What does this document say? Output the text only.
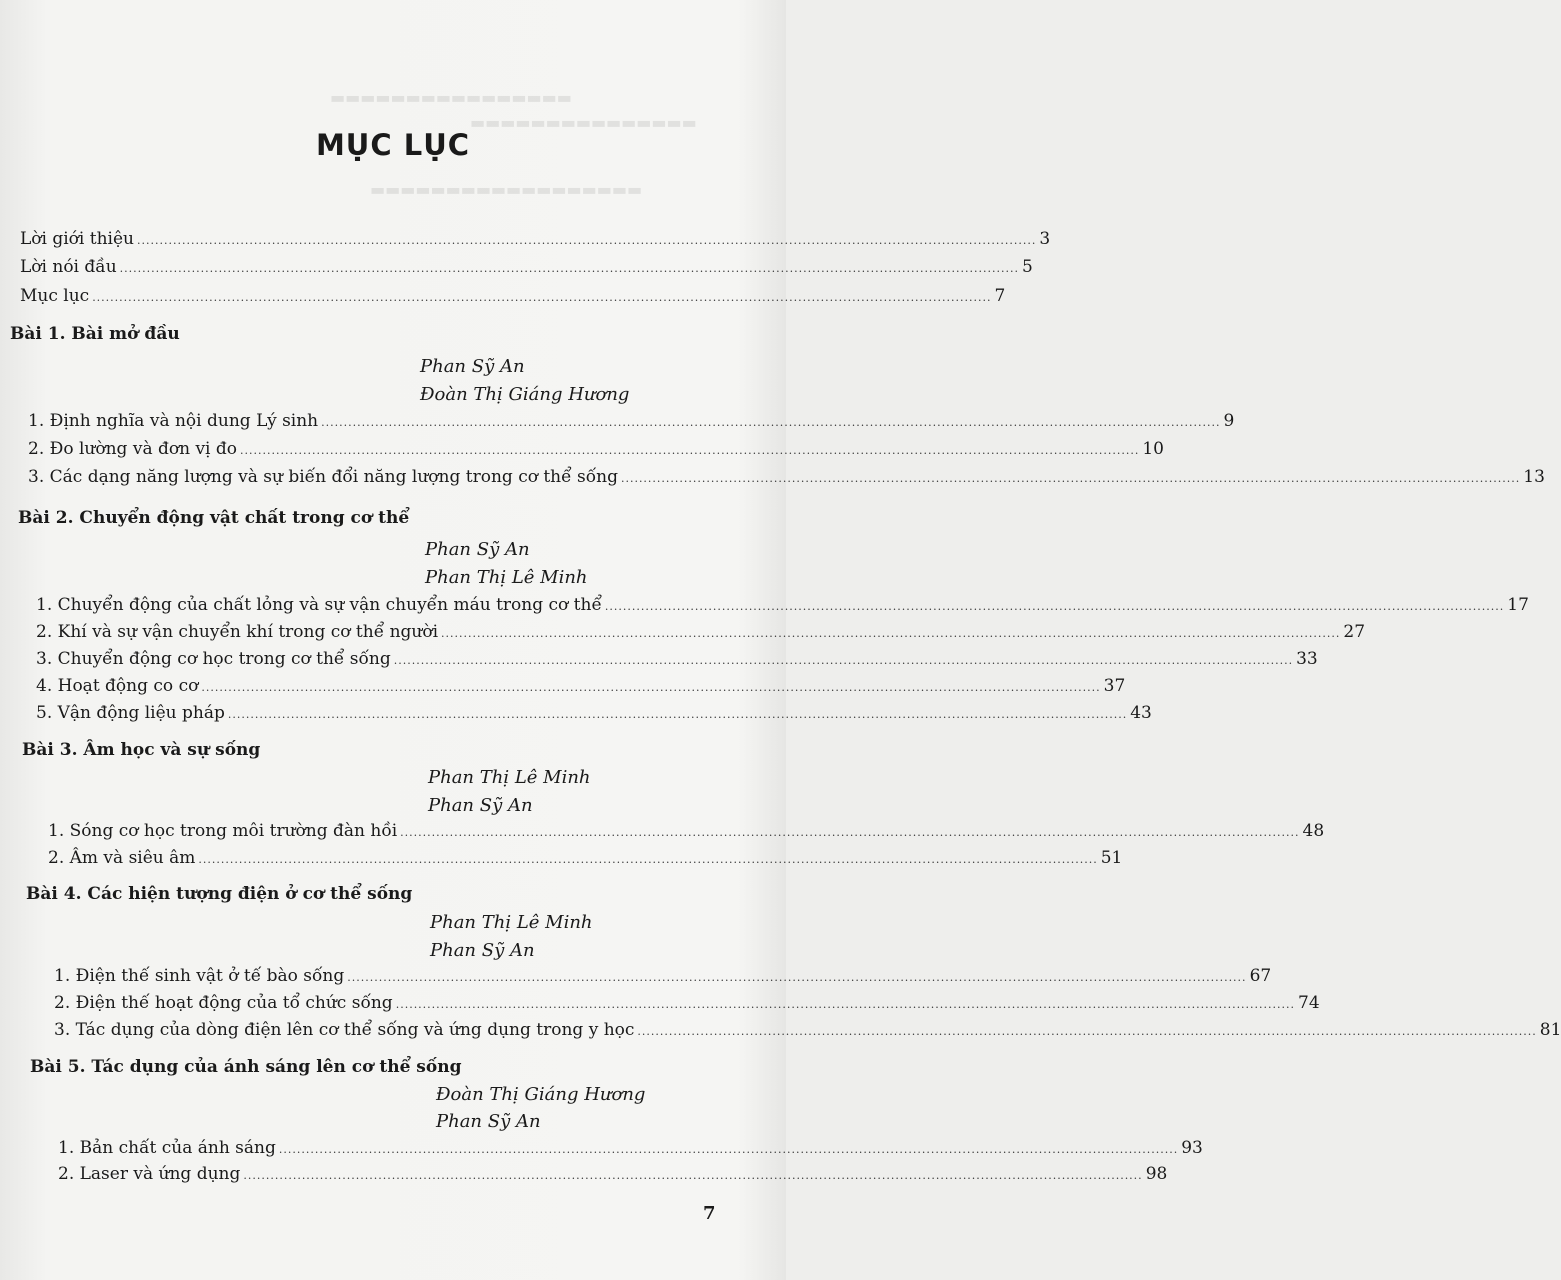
▬▬▬▬▬▬▬▬▬▬▬▬▬▬▬▬
▬▬▬▬▬▬▬▬▬▬▬▬▬▬▬
▬▬▬▬▬▬▬▬▬▬▬▬▬▬▬▬▬▬
MỤC LỤC
Lời giới thiệu ........................................................................................................................................................................................................ 3
Lời nói đầu ........................................................................................................................................................................................................ 5
Mục lục ........................................................................................................................................................................................................ 7
Bài 1. Bài mở đầu
Phan Sỹ An
Đoàn Thị Giáng Hương
1. Định nghĩa và nội dung Lý sinh ........................................................................................................................................................................................................ 9
2. Đo lường và đơn vị đo ........................................................................................................................................................................................................ 10
3. Các dạng năng lượng và sự biến đổi năng lượng trong cơ thể sống ........................................................................................................................................................................................................ 13
Bài 2. Chuyển động vật chất trong cơ thể
Phan Sỹ An
Phan Thị Lê Minh
1. Chuyển động của chất lỏng và sự vận chuyển máu trong cơ thể ........................................................................................................................................................................................................ 17
2. Khí và sự vận chuyển khí trong cơ thể người ........................................................................................................................................................................................................ 27
3. Chuyển động cơ học trong cơ thể sống ........................................................................................................................................................................................................ 33
4. Hoạt động co cơ ........................................................................................................................................................................................................ 37
5. Vận động liệu pháp ........................................................................................................................................................................................................ 43
Bài 3. Âm học và sự sống
Phan Thị Lê Minh
Phan Sỹ An
1. Sóng cơ học trong môi trường đàn hồi ........................................................................................................................................................................................................ 48
2. Âm và siêu âm ........................................................................................................................................................................................................ 51
Bài 4. Các hiện tượng điện ở cơ thể sống
Phan Thị Lê Minh
Phan Sỹ An
1. Điện thế sinh vật ở tế bào sống ........................................................................................................................................................................................................ 67
2. Điện thế hoạt động của tổ chức sống ........................................................................................................................................................................................................ 74
3. Tác dụng của dòng điện lên cơ thể sống và ứng dụng trong y học ........................................................................................................................................................................................................ 81
Bài 5. Tác dụng của ánh sáng lên cơ thể sống
Đoàn Thị Giáng Hương
Phan Sỹ An
1. Bản chất của ánh sáng ........................................................................................................................................................................................................ 93
2. Laser và ứng dụng ........................................................................................................................................................................................................ 98
7
